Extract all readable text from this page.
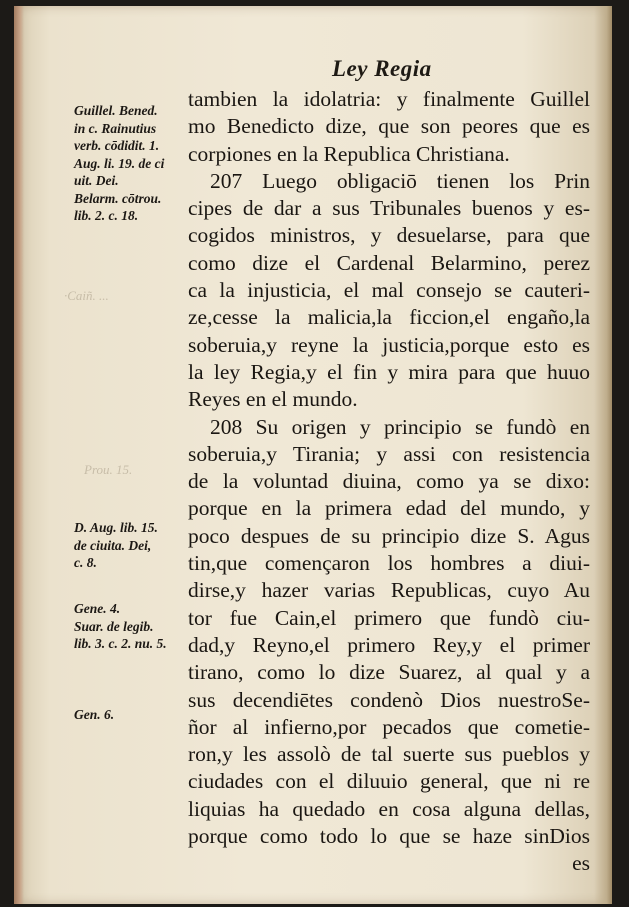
·Caiñ. ...
Prou. 15.
Ley Regia
Guillel. Bened.
in c. Rainutius
verb. cōdidit. 1.
Aug. li. 19. de ci
uit. Dei.
Belarm. cōtrou.
lib. 2. c. 18.
D. Aug. lib. 15.
de ciuita. Dei,
c. 8.
Gene. 4.
Suar. de legib.
lib. 3. c. 2. nu. 5.
Gen. 6.
tambien la idolatria: y finalmente Guillel
mo Benedicto dize, que son peores que es
corpiones en la Republica Christiana.
207 Luego obligaciō tienen los Prin
cipes de dar a sus Tribunales buenos y es-
cogidos ministros, y desuelarse, para que
como dize el Cardenal Belarmino, perez
ca la injusticia, el mal consejo se cauteri-
ze,cesse la malicia,la ficcion,el engaño,la
soberuia,y reyne la justicia,porque esto es
la ley Regia,y el fin y mira para que huuo
Reyes en el mundo.
208 Su origen y principio se fundò en
soberuia,y Tirania; y assi con resistencia
de la voluntad diuina, como ya se dixo:
porque en la primera edad del mundo, y
poco despues de su principio dize S. Agus
tin,que començaron los hombres a diui-
dirse,y hazer varias Republicas, cuyo Au
tor fue Cain,el primero que fundò ciu-
dad,y Reyno,el primero Rey,y el primer
tirano, como lo dize Suarez, al qual y a
sus decendiētes condenò Dios nuestroSe-
ñor al infierno,por pecados que cometie-
ron,y les assolò de tal suerte sus pueblos y
ciudades con el diluuio general, que ni re
liquias ha quedado en cosa alguna dellas,
porque como todo lo que se haze sinDios
es
